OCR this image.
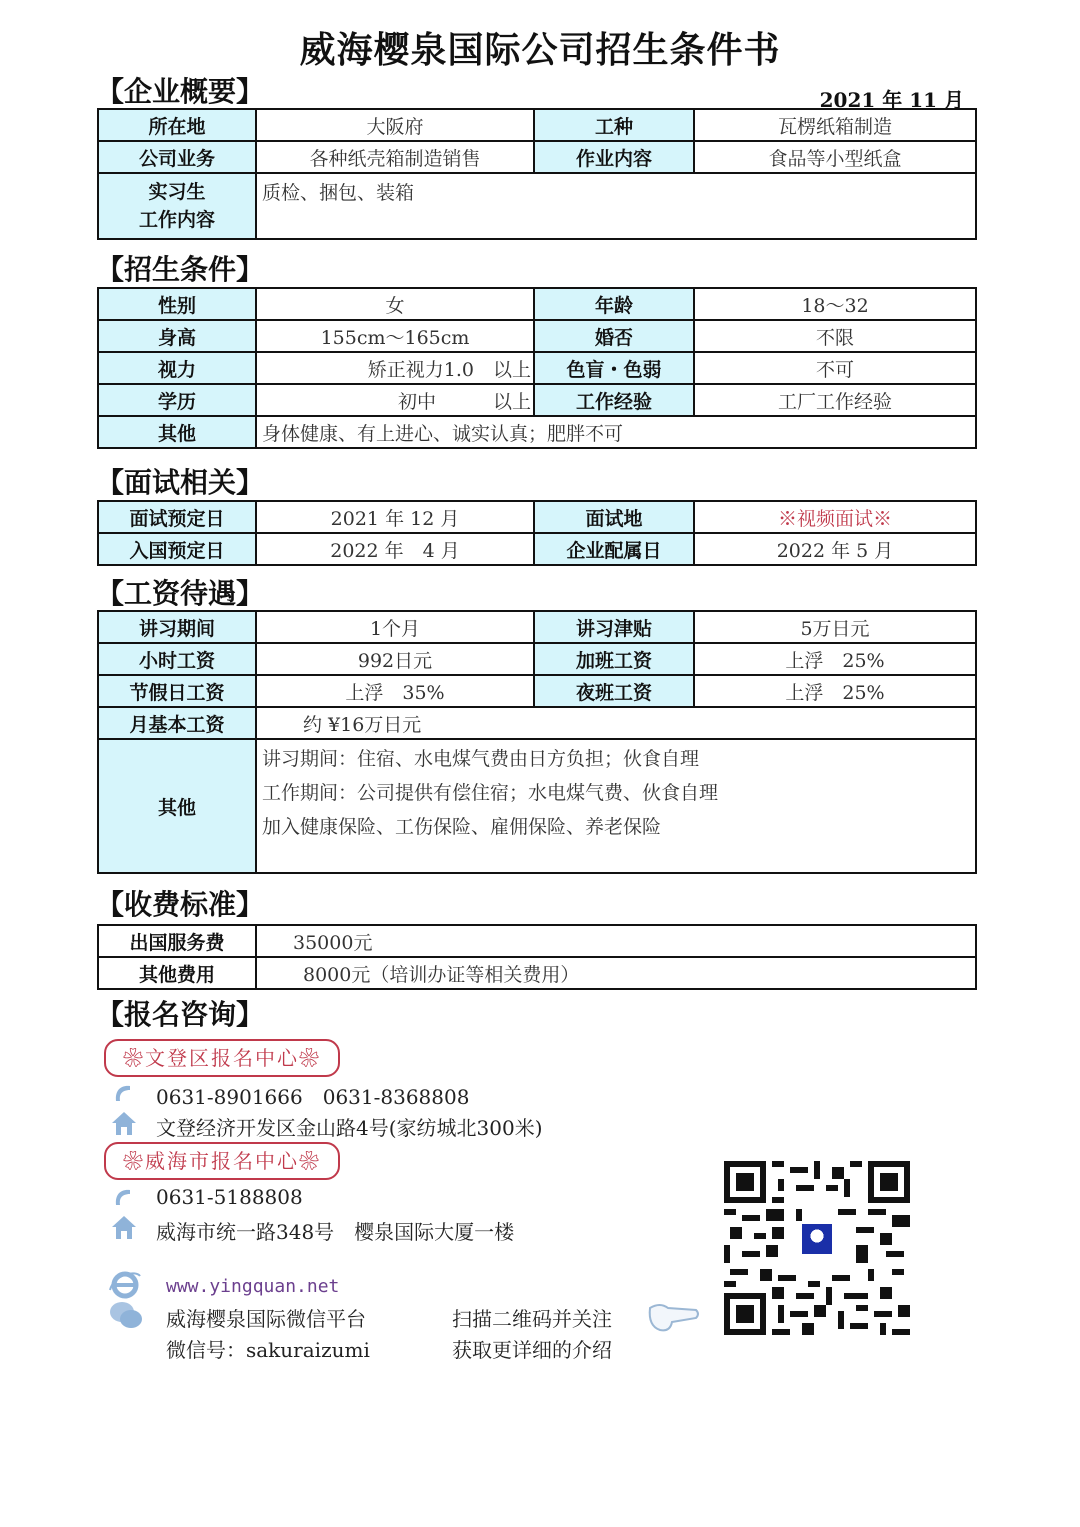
威海樱泉国际公司招生条件书
【企业概要】	2021 年 11 月
所在地	大阪府	工种	瓦楞纸箱制造
公司业务	各种纸壳箱制造销售	作业内容	食品等小型纸盒

实习生
工作内容	质检、捆包、装箱		
【招生条件】
性别	女	年龄	18～32
身高	155cm～165cm	婚否	不限
视力	矫正视力1.0　以上	色盲・色弱	不可
学历	初中　　　以上	工作经验	工厂工作经验
其他	身体健康、有上进心、诚实认真；肥胖不可		
【面试相关】
面试预定日	2021 年 12 月	面试地	※视频面试※
入国预定日	2022 年　4 月	企业配属日	2022 年 5 月
【工资待遇】
讲习期间	1个月	讲习津贴	5万日元
小时工资	992日元	加班工资	上浮　25%
节假日工资	上浮　35%	夜班工资	上浮　25%
月基本工资	约 ¥16万日元		
其他	讲习期间：住宿、水电煤气费由日方负担；伙食自理
工作期间：公司提供有偿住宿；水电煤气费、伙食自理
加入健康保险、工伤保险、雇佣保险、养老保险		
【收费标准】
出国服务费	35000元
其他费用	8000元（培训办证等相关费用）
【报名咨询】
❀文登区报名中心❀
0631-8901666　0631-8368808
文登经济开发区金山路4号(家纺城北300米)
❀威海市报名中心❀
0631-5188808
威海市统一路348号　樱泉国际大厦一楼
www.yingquan.net
威海樱泉国际微信平台
微信号：sakuraizumi
扫描二维码并关注
获取更详细的介绍
